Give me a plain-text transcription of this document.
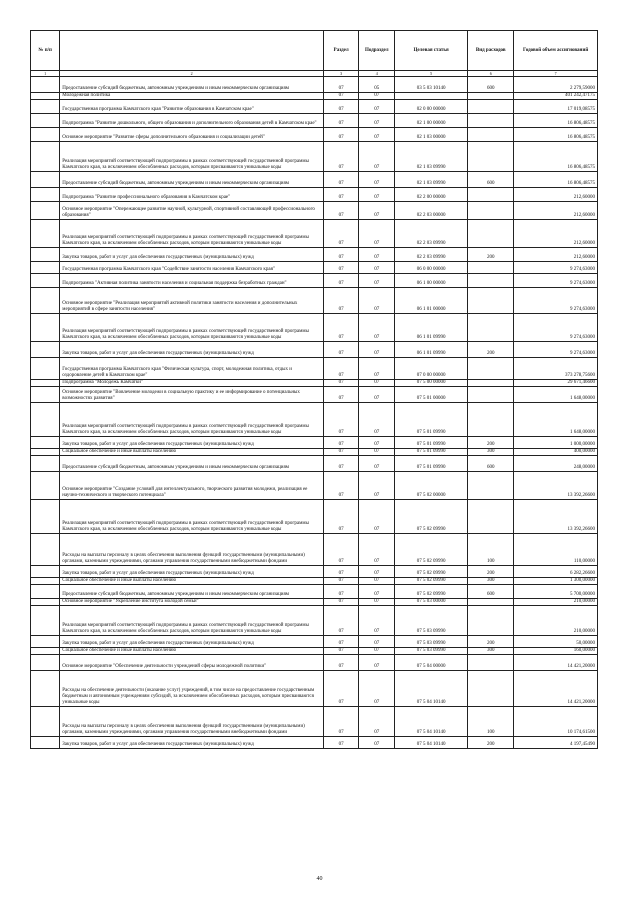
№ п/п		Раздел	Подраздел	Целевая статья	Вид расходов	Годовой объем ассигнований
1	2	3	4	5	6	7
	Предоставление субсидий бюджетным, автономным учреждениям и иным некоммерческим организациям	07	05	03 5 03 10140	600	2 279,59000
	Молодежная политика	07	07			401 242,47175
	Государственная программа Камчатского края "Развитие образования в Камчатском крае"	07	07	02 0 00 00000		17 019,08575
	Подпрограмма "Развитие дошкольного, общего образования и дополнительного образования детей в Камчатском крае"	07	07	02 1 00 00000		16 806,48575
	Основное мероприятие "Развитие сферы дополнительного образования и социализации детей"	07	07	02 1 03 00000		16 806,48575
	Реализация мероприятий соответствующей подпрограммы в рамках соответствующей государственной программы Камчатского края, за исключением обособленных расходов, которым присваиваются уникальные коды	07	07	02 1 03 09990		16 806,48575
	Предоставление субсидий бюджетным, автономным учреждениям и иным некоммерческим организациям	07	07	02 1 03 09990	600	16 806,48575
	Подпрограмма "Развитие профессионального образования в Камчатском крае"	07	07	02 2 00 00000		212,60000
	Основное мероприятие "Опережающее развитие научной, культурной, спортивной составляющей профессионального образования"	07	07	02 2 03 00000		212,60000
	Реализация мероприятий соответствующей подпрограммы в рамках соответствующей государственной программы Камчатского края, за исключением обособленных расходов, которым присваиваются уникальные коды	07	07	02 2 03 09990		212,60000
	Закупка товаров, работ и услуг для обеспечения государственных (муниципальных) нужд	07	07	02 2 03 09990	200	212,60000
	Государственная программа Камчатского края "Содействие занятости населения Камчатского края"	07	07	06 0 00 00000		9 274,63000
	Подпрограмма "Активная политика занятости населения и социальная поддержка безработных граждан"	07	07	06 1 00 00000		9 274,63000
	Основное мероприятие "Реализация мероприятий активной политики занятости населения и дополнительных мероприятий в сфере занятости населения"	07	07	06 1 01 00000		9 274,63000
	Реализация мероприятий соответствующей подпрограммы в рамках соответствующей государственной программы Камчатского края, за исключением обособленных расходов, которым присваиваются уникальные коды	07	07	06 1 01 09990		9 274,63000
	Закупка товаров, работ и услуг для обеспечения государственных (муниципальных) нужд	07	07	06 1 01 09990	200	9 274,63000
	Государственная программа Камчатского края "Физическая культура, спорт, молодежная политика, отдых и оздоровление детей в Камчатском крае"	07	07	07 0 00 00000		373 278,75600
	Подпрограмма "Молодежь Камчатки"	07	07	07 5 00 00000		29 671,46600
	Основное мероприятие "Вовлечение молодежи в социальную практику и ее информирование о потенциальных возможностях развития"	07	07	07 5 01 00000		1 648,00000
	Реализация мероприятий соответствующей подпрограммы в рамках соответствующей государственной программы Камчатского края, за исключением обособленных расходов, которым присваиваются уникальные коды	07	07	07 5 01 09990		1 648,00000
	Закупка товаров, работ и услуг для обеспечения государственных (муниципальных) нужд	07	07	07 5 01 09990	200	1 000,00000
	Социальное обеспечение и иные выплаты населению	07	07	07 5 01 09990	300	400,00000
	Предоставление субсидий бюджетным, автономным учреждениям и иным некоммерческим организациям	07	07	07 5 01 09990	600	248,00000
	Основное мероприятие "Создание условий для интеллектуального, творческого развития молодежи, реализация ее научно-технического и творческого потенциала"	07	07	07 5 02 00000		13 392,26600
	Реализация мероприятий соответствующей подпрограммы в рамках соответствующей государственной программы Камчатского края, за исключением обособленных расходов, которым присваиваются уникальные коды	07	07	07 5 02 09990		13 392,26600
	Расходы на выплаты персоналу в целях обеспечения выполнения функций государственными (муниципальными) органами, казенными учреждениями, органами управления государственными внебюджетными фондами	07	07	07 5 02 09990	100	110,00000
	Закупка товаров, работ и услуг для обеспечения государственных (муниципальных) нужд	07	07	07 5 02 09990	200	6 282,26600
	Социальное обеспечение и иные выплаты населению	07	07	07 5 02 09990	300	1 300,00000
	Предоставление субсидий бюджетным, автономным учреждениям и иным некоммерческим организациям	07	07	07 5 02 09990	600	5 700,00000
	Основное мероприятие "Укрепление института молодой семьи"	07	07	07 5 03 00000		210,00000
	Реализация мероприятий соответствующей подпрограммы в рамках соответствующей государственной программы Камчатского края, за исключением обособленных расходов, которым присваиваются уникальные коды	07	07	07 5 03 09990		210,00000
	Закупка товаров, работ и услуг для обеспечения государственных (муниципальных) нужд	07	07	07 5 03 09990	200	50,00000
	Социальное обеспечение и иные выплаты населению	07	07	07 5 03 09990	300	160,00000
	Основное мероприятие "Обеспечение деятельности учреждений сферы молодежной политики"	07	07	07 5 04 00000		14 421,20000
	Расходы на обеспечение деятельности (оказание услуг) учреждений, в том числе на предоставление государственным бюджетным и автономным учреждениям субсидий, за исключением обособленных расходов, которым присваиваются уникальные коды	07	07	07 5 04 10140		14 421,20000
	Расходы на выплаты персоналу в целях обеспечения выполнения функций государственными (муниципальными) органами, казенными учреждениями, органами управления государственными внебюджетными фондами	07	07	07 5 04 10140	100	10 174,61500
	Закупка товаров, работ и услуг для обеспечения государственных (муниципальных) нужд	07	07	07 5 04 10140	200	4 197,45490
40
